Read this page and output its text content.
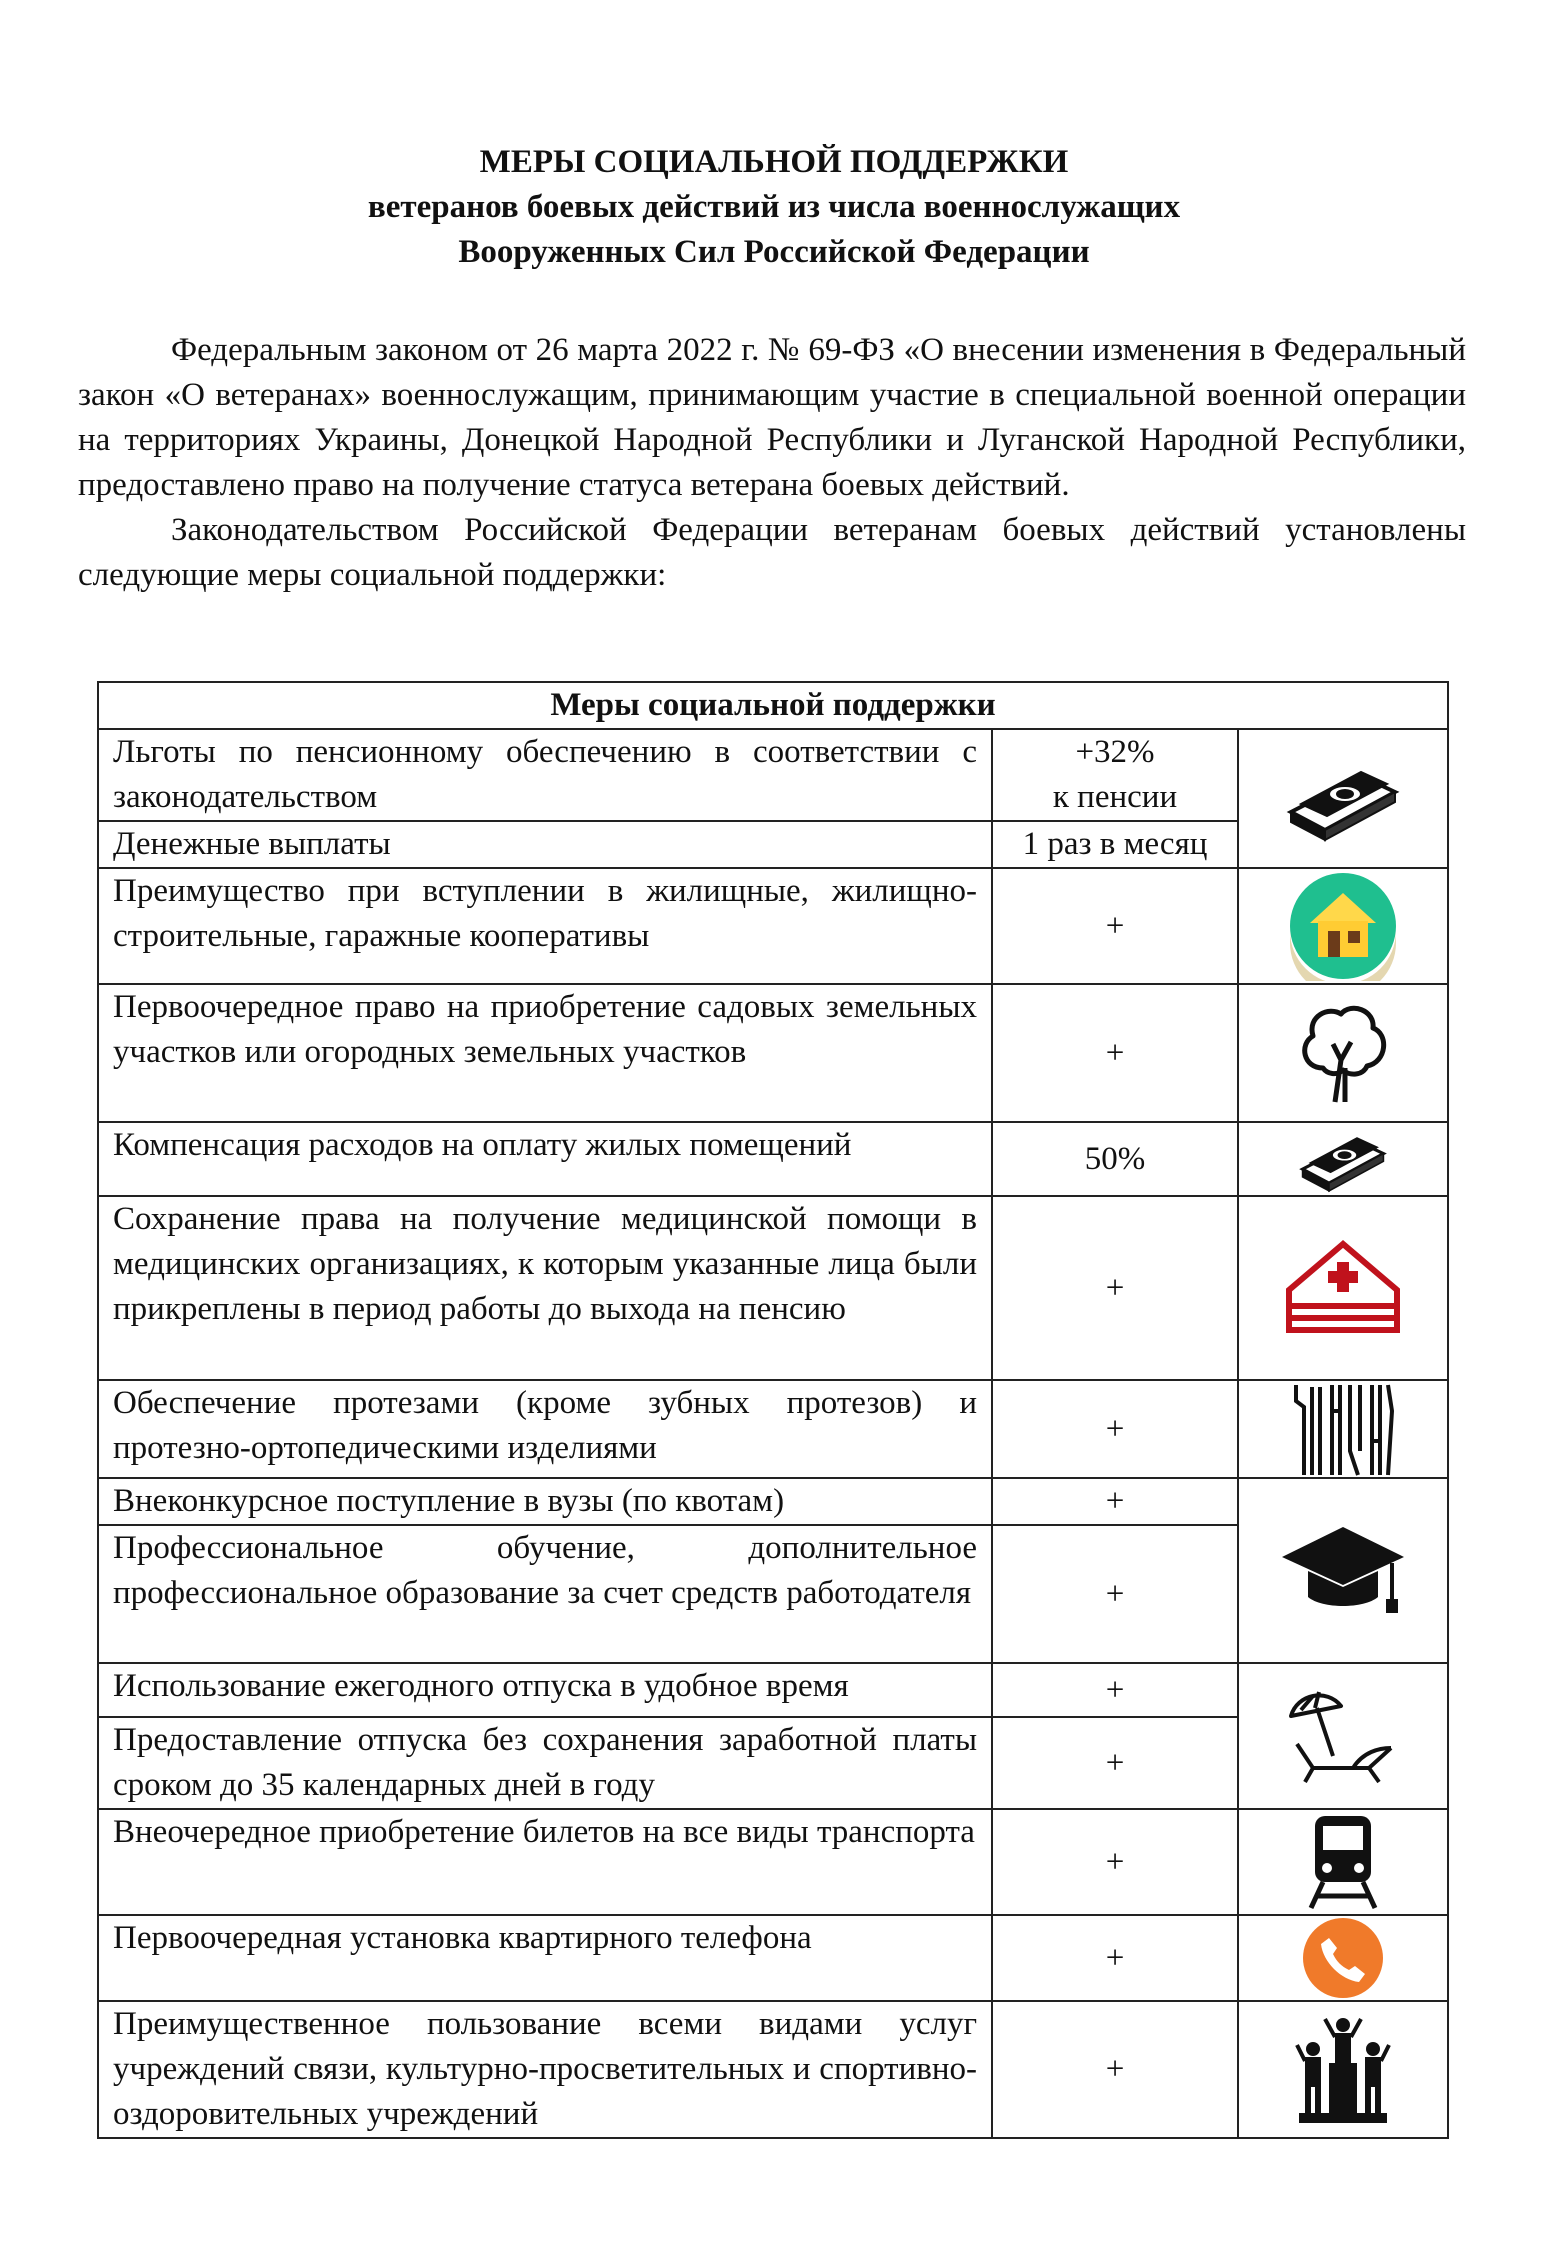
МЕРЫ СОЦИАЛЬНОЙ ПОДДЕРЖКИ
ветеранов боевых действий из числа военнослужащих
Вооруженных Сил Российской Федерации

Федеральным законом от 26 марта 2022 г. № 69-ФЗ «О внесении изменения в Федеральный закон «О ветеранах» военнослужащим, принимающим участие в специальной военной операции на территориях Украины, Донецкой Народной Республики и Луганской Народной Республики, предоставлено право на получение статуса ветерана боевых действий.

Законодательством Российской Федерации ветеранам боевых действий установлены следующие меры социальной поддержки:

Меры социальной поддержки		
Льготы по пенсионному обеспечению в соответствии с законодательством	+32%
к пенсии

Денежные выплаты	1 раз в месяц	
Преимущество при вступлении в жилищные, жилищно-строительные, гаражные кооперативы	+	

Первоочередное право на приобретение садовых земельных участков или огородных земельных участков	+	

Компенсация расходов на оплату жилых помещений	50%	

Сохранение права на получение медицинской помощи в медицинских организациях, к которым указанные лица были прикреплены в период работы до выхода на пенсию	+	

Обеспечение протезами (кроме зубных протезов) и протезно-ортопедическими изделиями	+	

Внеконкурсное поступление в вузы (по квотам)	+	

Профессиональное обучение, дополнительное профессиональное образование за счет средств работодателя	+	
Использование ежегодного отпуска в удобное время	+	

Предоставление отпуска без сохранения заработной платы сроком до 35 календарных дней в году	+	
Внеочередное приобретение билетов на все виды транспорта	+	

Первоочередная установка квартирного телефона	+	

Преимущественное пользование всеми видами услуг учреждений связи, культурно-просветительных и спортивно-оздоровительных учреждений	+	
